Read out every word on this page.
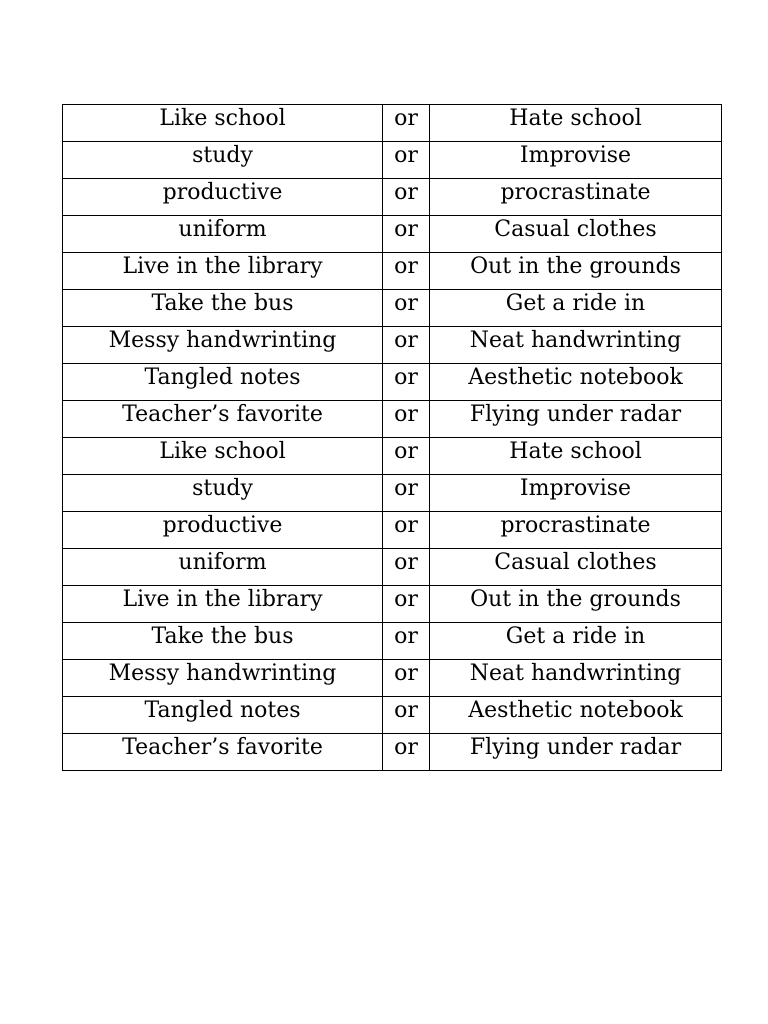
Like school	or	Hate school
study	or	Improvise
productive	or	procrastinate
uniform	or	Casual clothes
Live in the library	or	Out in the grounds
Take the bus	or	Get a ride in
Messy handwrinting	or	Neat handwrinting
Tangled notes	or	Aesthetic notebook
Teacher’s favorite	or	Flying under radar
Like school	or	Hate school
study	or	Improvise
productive	or	procrastinate
uniform	or	Casual clothes
Live in the library	or	Out in the grounds
Take the bus	or	Get a ride in
Messy handwrinting	or	Neat handwrinting
Tangled notes	or	Aesthetic notebook
Teacher’s favorite	or	Flying under radar
